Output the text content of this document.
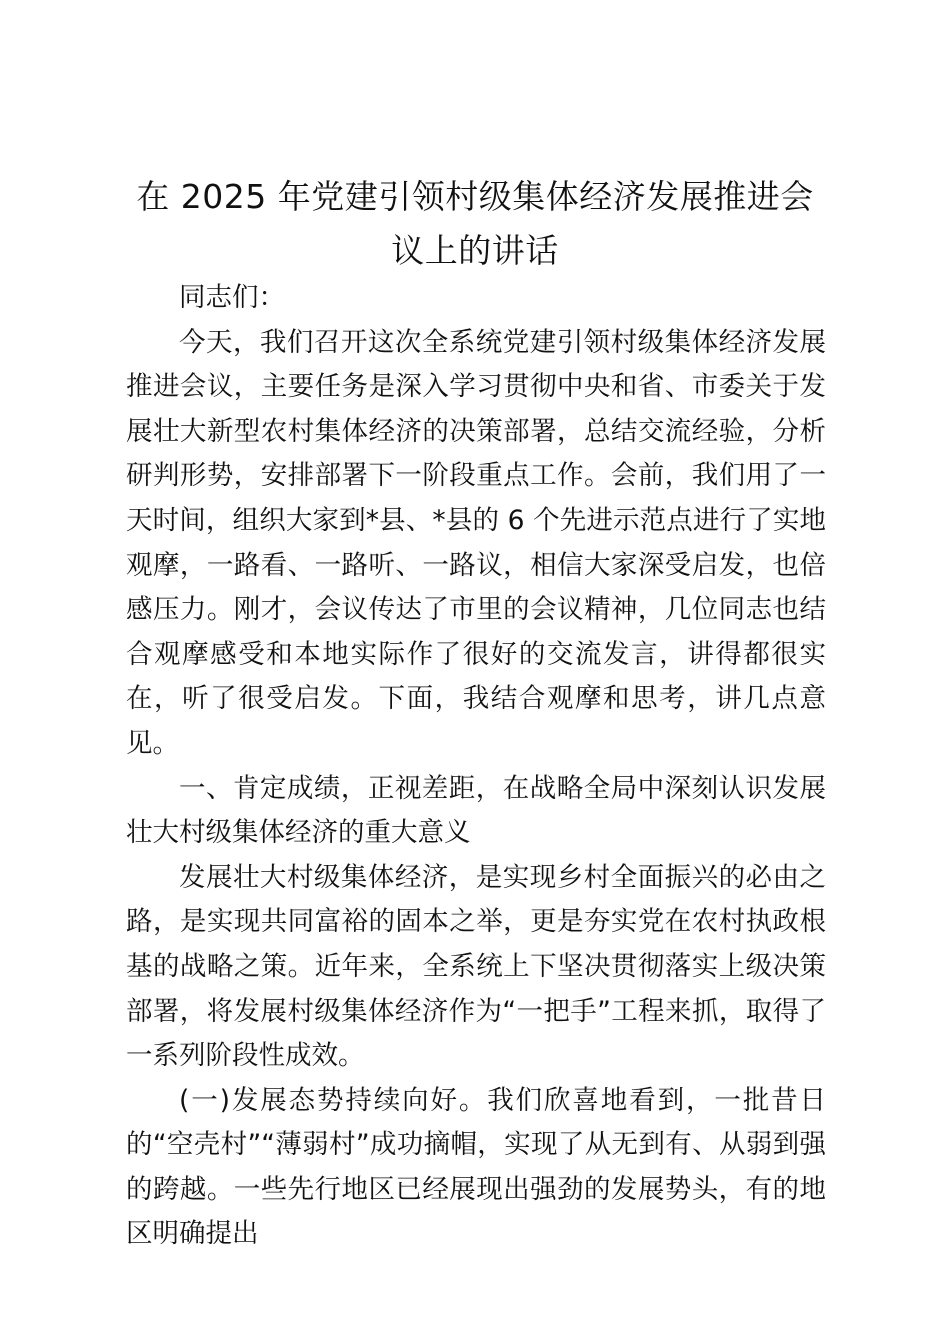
在 2025 年党建引领村级集体经济发展推进会议上的讲话

同志们：

今天，我们召开这次全系统党建引领村级集体经济发展推进会议，主要任务是深入学习贯彻中央和省、市委关于发展壮大新型农村集体经济的决策部署，总结交流经验，分析研判形势，安排部署下一阶段重点工作。会前，我们用了一天时间，组织大家到*县、*县的 6 个先进示范点进行了实地观摩，一路看、一路听、一路议，相信大家深受启发，也倍感压力。刚才，会议传达了市里的会议精神，几位同志也结合观摩感受和本地实际作了很好的交流发言，讲得都很实在，听了很受启发。下面，我结合观摩和思考，讲几点意见。

一、肯定成绩，正视差距，在战略全局中深刻认识发展壮大村级集体经济的重大意义

发展壮大村级集体经济，是实现乡村全面振兴的必由之路，是实现共同富裕的固本之举，更是夯实党在农村执政根基的战略之策。近年来，全系统上下坚决贯彻落实上级决策部署，将发展村级集体经济作为“一把手”工程来抓，取得了一系列阶段性成效。

(一)发展态势持续向好。我们欣喜地看到，一批昔日的“空壳村”“薄弱村”成功摘帽，实现了从无到有、从弱到强的跨越。一些先行地区已经展现出强劲的发展势头，有的地区明确提出
